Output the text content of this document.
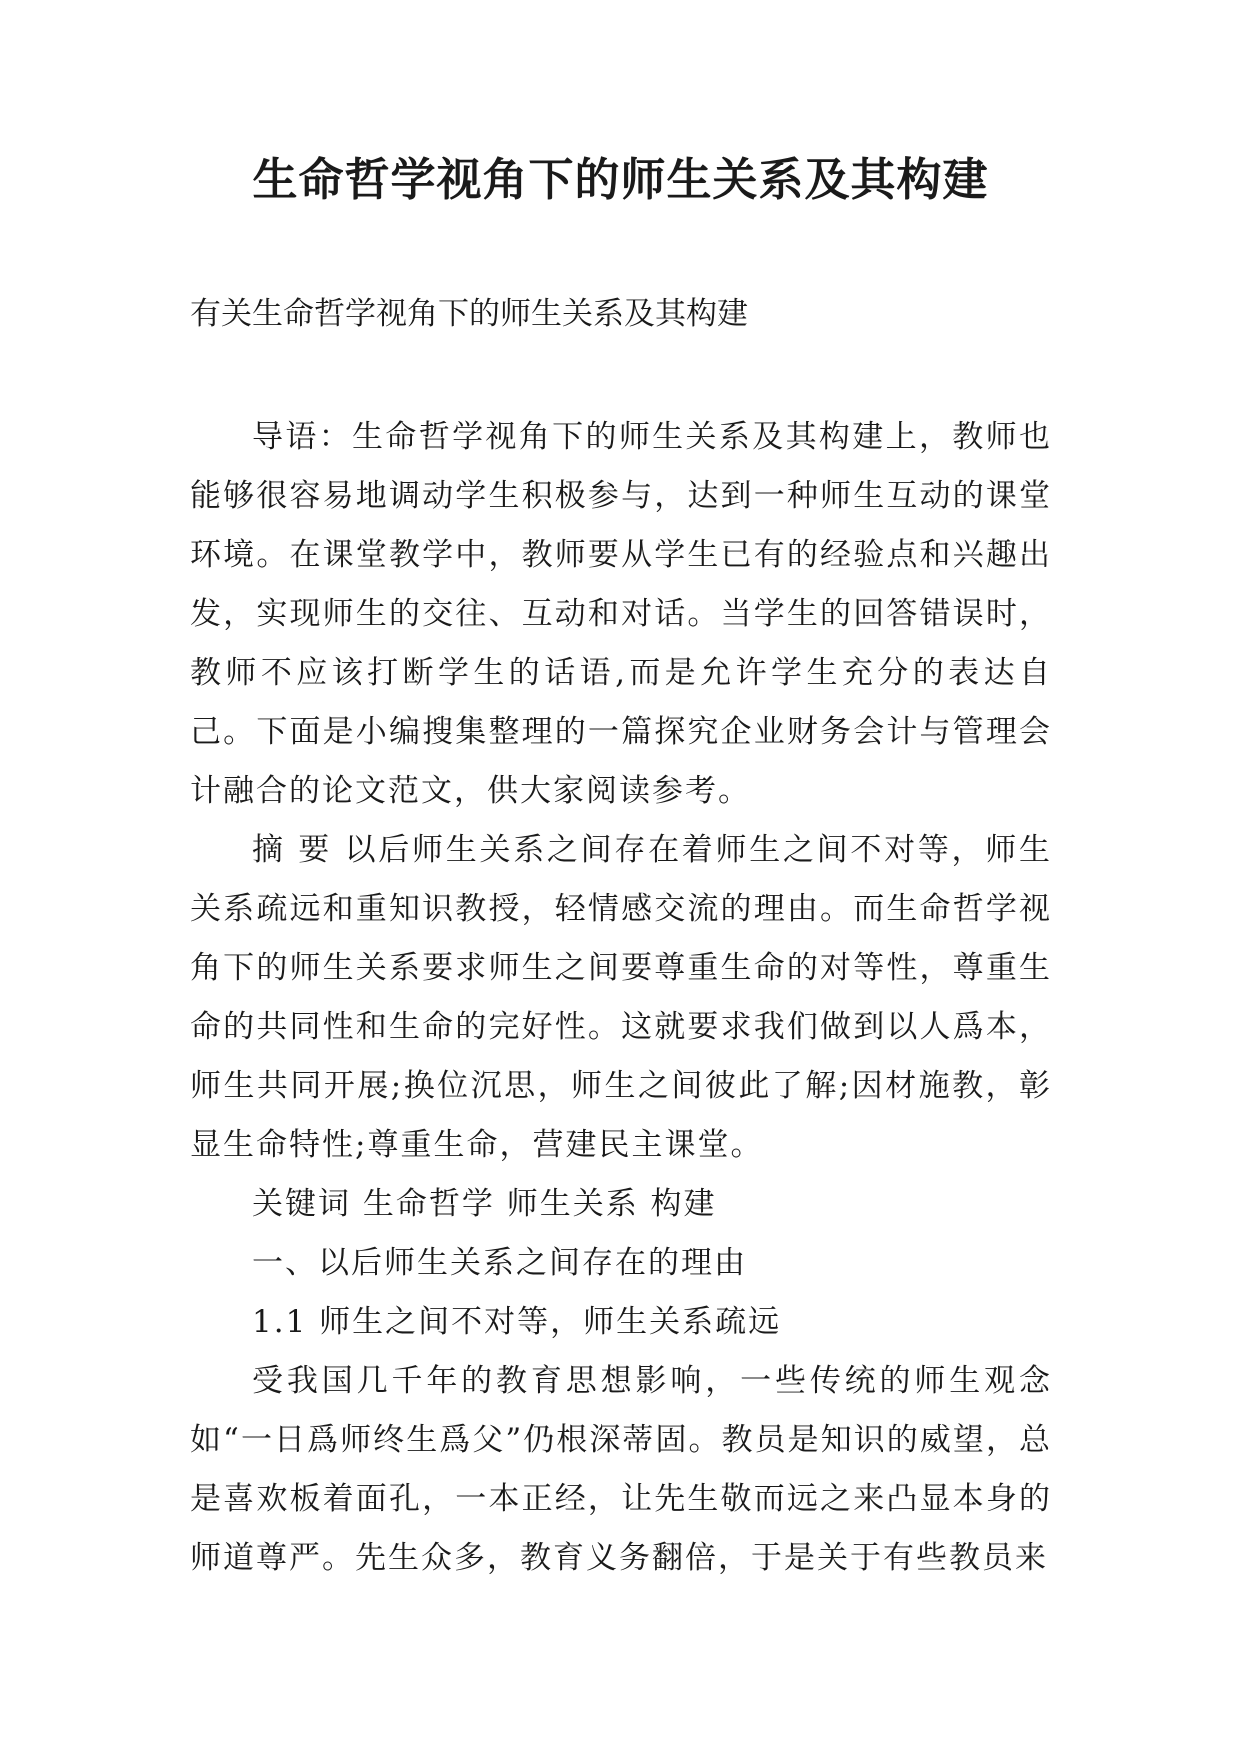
生命哲学视角下的师生关系及其构建

有关生命哲学视角下的师生关系及其构建

导语：生命哲学视角下的师生关系及其构建上，教师也能够很容易地调动学生积极参与，达到一种师生互动的课堂环境。在课堂教学中，教师要从学生已有的经验点和兴趣出发，实现师生的交往、互动和对话。当学生的回答错误时，教师不应该打断学生的话语,而是允许学生充分的表达自己。下面是小编搜集整理的一篇探究企业财务会计与管理会计融合的论文范文，供大家阅读参考。

摘 要 以后师生关系之间存在着师生之间不对等，师生关系疏远和重知识教授，轻情感交流的理由。而生命哲学视角下的师生关系要求师生之间要尊重生命的对等性，尊重生命的共同性和生命的完好性。这就要求我们做到以人爲本，师生共同开展;换位沉思，师生之间彼此了解;因材施教，彰显生命特性;尊重生命，营建民主课堂。

关键词 生命哲学 师生关系 构建

一、以后师生关系之间存在的理由

1.1 师生之间不对等，师生关系疏远

受我国几千年的教育思想影响，一些传统的师生观念如“一日爲师终生爲父”仍根深蒂固。教员是知识的威望，总是喜欢板着面孔，一本正经，让先生敬而远之来凸显本身的师道尊严。先生众多，教育义务翻倍，于是关于有些教员来
